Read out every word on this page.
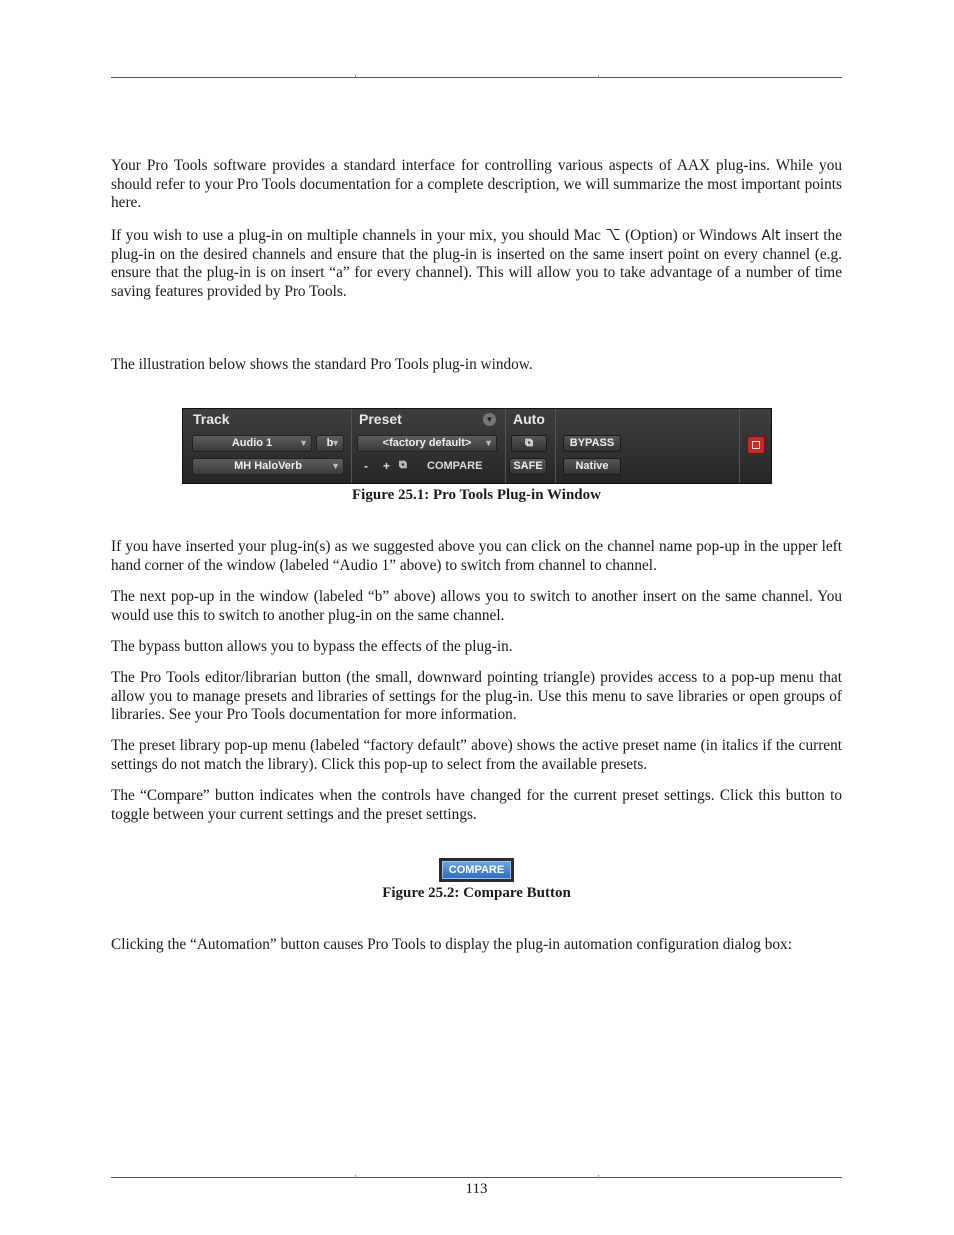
Your Pro Tools software provides a standard interface for controlling various aspects of AAX plug-ins. While you should refer to your Pro Tools documentation for a complete description, we will summarize the most important points here.
If you wish to use a plug-in on multiple channels in your mix, you should Mac ⌥ (Option) or Windows Alt insert the plug-in on the desired channels and ensure that the plug-in is inserted on the same insert point on every channel (e.g. ensure that the plug-in is on insert “a” for every channel). This will allow you to take advantage of a number of time saving features provided by Pro Tools.
The illustration below shows the standard Pro Tools plug-in window.
Track	Preset	▼ Auto
Audio 1	▼	b
▼
MH HaloVerb	▼
<factory default> ▼
- + ⧉ COMPARE
⧉
SAFE
BYPASS
Native
Figure 25.1: Pro Tools Plug-in Window
If you have inserted your plug-in(s) as we suggested above you can click on the channel name pop-up in the upper left hand corner of the window (labeled “Audio 1” above) to switch from channel to channel.
The next pop-up in the window (labeled “b” above) allows you to switch to another insert on the same channel. You would use this to switch to another plug-in on the same channel.
The bypass button allows you to bypass the effects of the plug-in.
The Pro Tools editor/librarian button (the small, downward pointing triangle) provides access to a pop-up menu that allow you to manage presets and libraries of settings for the plug-in. Use this menu to save libraries or open groups of libraries. See your Pro Tools documentation for more information.
The preset library pop-up menu (labeled “factory default” above) shows the active preset name (in italics if the current settings do not match the library). Click this pop-up to select from the available presets.
The “Compare” button indicates when the controls have changed for the current preset settings. Click this button to toggle between your current settings and the preset settings.
COMPARE
Figure 25.2: Compare Button
Clicking the “Automation” button causes Pro Tools to display the plug-in automation configuration dialog box:
113
